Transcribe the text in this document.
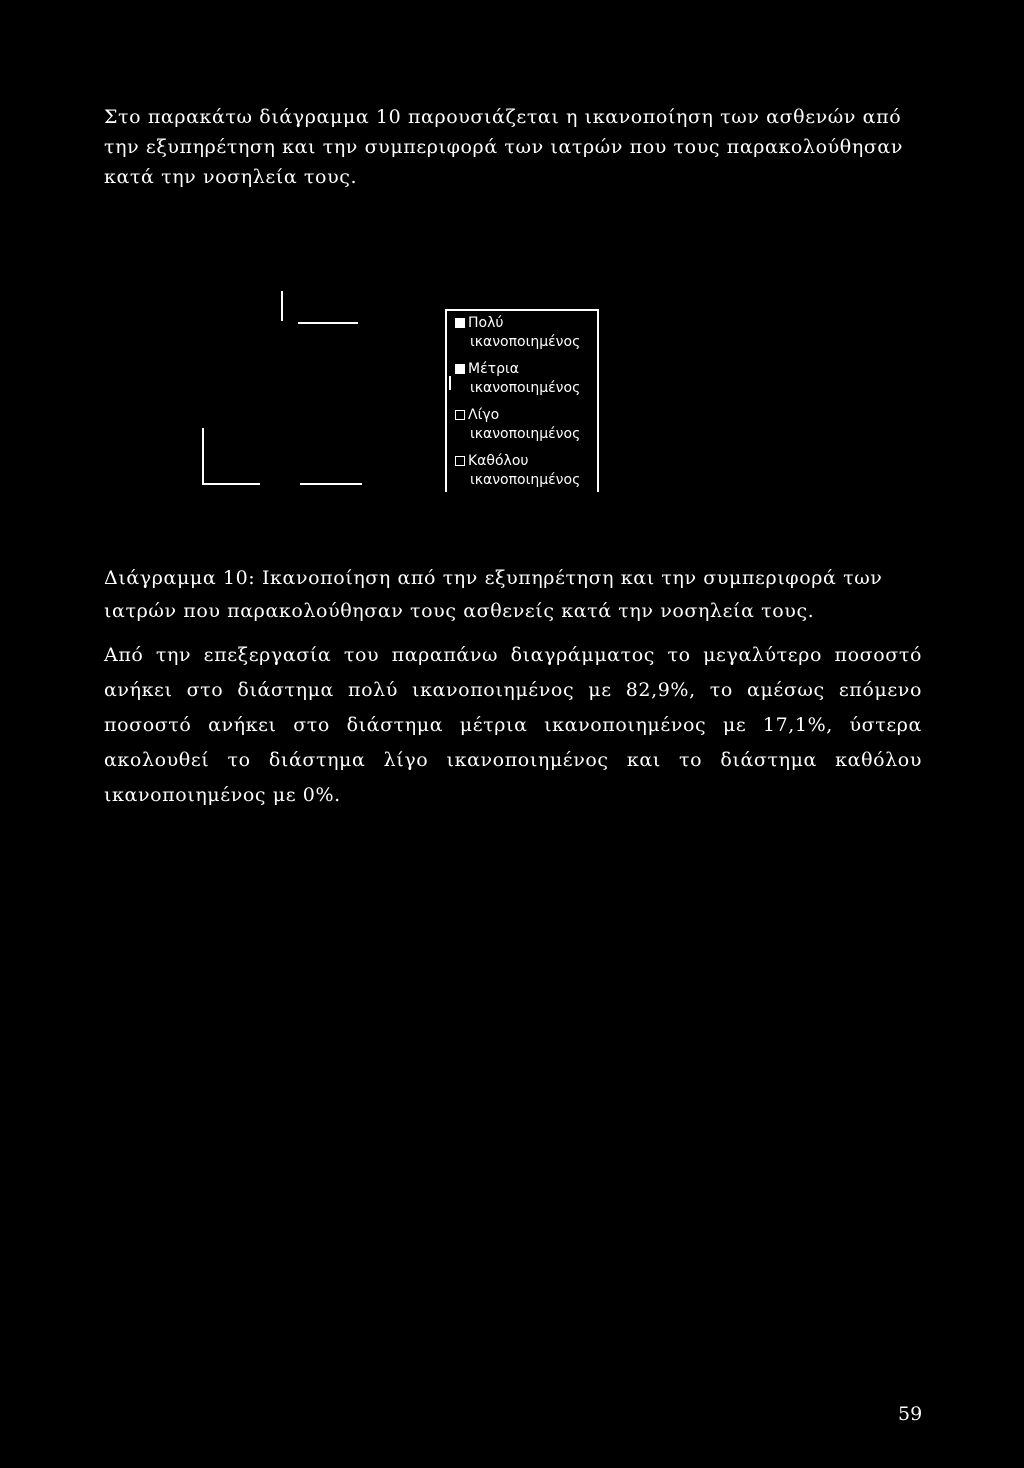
Στο παρακάτω διάγραμμα 10 παρουσιάζεται η ικανοποίηση των ασθενών από την εξυπηρέτηση και την συμπεριφορά των ιατρών που τους παρακολούθησαν κατά την νοσηλεία τους.

Πολύ
ικανοποιημένος
Μέτρια
ικανοποιημένος
Λίγο
ικανοποιημένος
Καθόλου
ικανοποιημένος

Διάγραμμα 10: Ικανοποίηση από την εξυπηρέτηση και την συμπεριφορά των ιατρών που παρακολούθησαν τους ασθενείς κατά την νοσηλεία τους.

Από την επεξεργασία του παραπάνω διαγράμματος το μεγαλύτερο ποσοστό ανήκει στο διάστημα πολύ ικανοποιημένος με 82,9%, το αμέσως επόμενο ποσοστό ανήκει στο διάστημα μέτρια ικανοποιημένος με 17,1%, ύστερα ακολουθεί το διάστημα λίγο ικανοποιημένος και το διάστημα καθόλου ικανοποιημένος με 0%.

59
